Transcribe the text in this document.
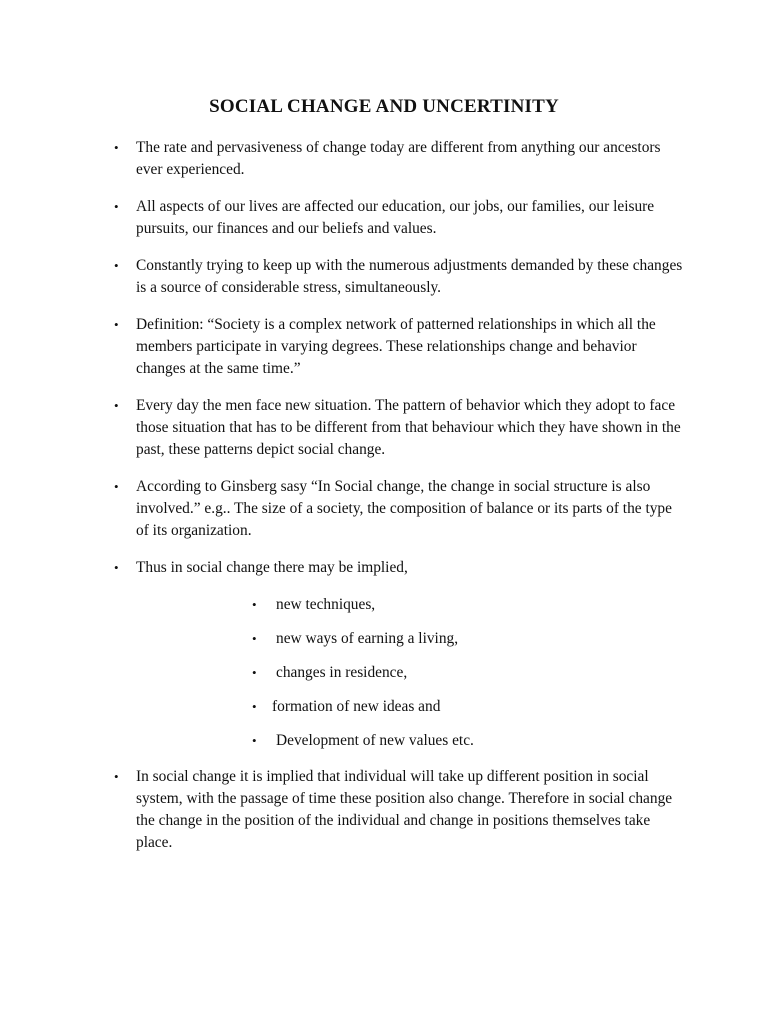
SOCIAL CHANGE AND UNCERTINITY
• The rate and pervasiveness of change today are different from anything our ancestors ever experienced.
• All aspects of our lives are affected our education, our jobs, our families, our leisure pursuits, our finances and our beliefs and values.
• Constantly trying to keep up with the numerous adjustments demanded by these changes is a source of considerable stress, simultaneously.
• Definition: “Society is a complex network of patterned relationships in which all the members participate in varying degrees. These relationships change and behavior changes at the same time.”
• Every day the men face new situation. The pattern of behavior which they adopt to face those situation that has to be different from that behaviour which they have shown in the past, these patterns depict social change.
• According to Ginsberg sasy “In Social change, the change in social structure is also involved.” e.g.. The size of a society, the composition of balance or its parts of the type of its organization.
• Thus in social change there may be implied,
• new techniques,
• new ways of earning a living,
• changes in residence,
• formation of new ideas and
• Development of new values etc.
• In social change it is implied that individual will take up different position in social system, with the passage of time these position also change. Therefore in social change the change in the position of the individual and change in positions themselves take place.
